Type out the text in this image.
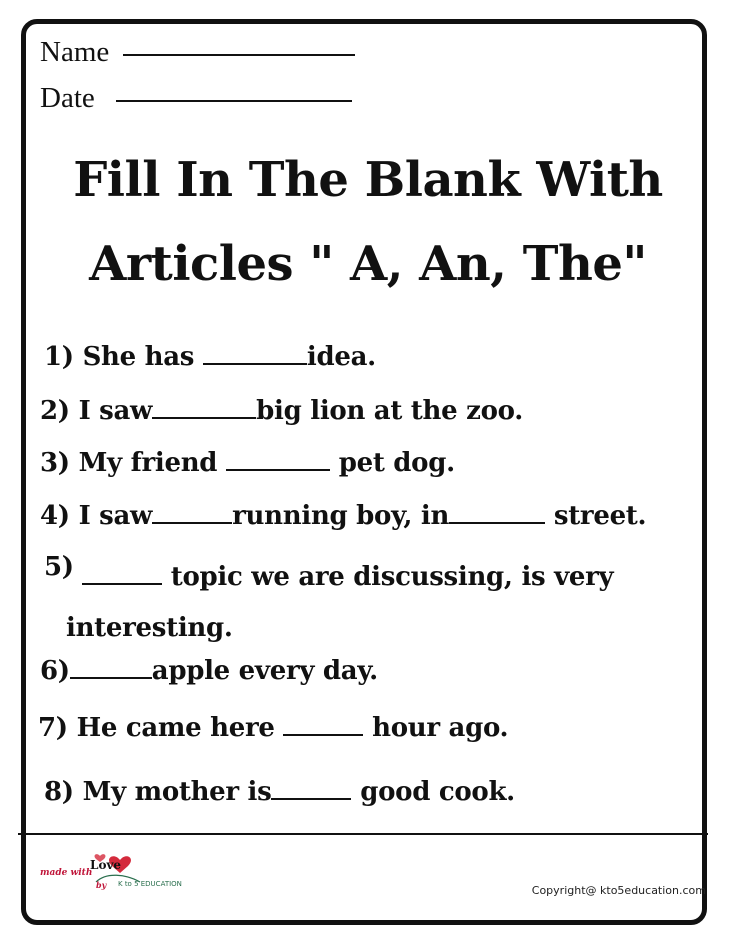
Name
Date
Fill In The Blank With
Articles " A, An, The"
1) She has	idea.
2) I saw	big lion at the zoo.
3) My friend	pet dog.
4) I saw	running boy, in	street.
5)	topic we are discussing, is very
interesting.
6)	apple every day.
7) He came here	hour ago.
8) My mother is	good cook.
made with
Love
by K to 5 EDUCATION	Copyright@ kto5education.com
